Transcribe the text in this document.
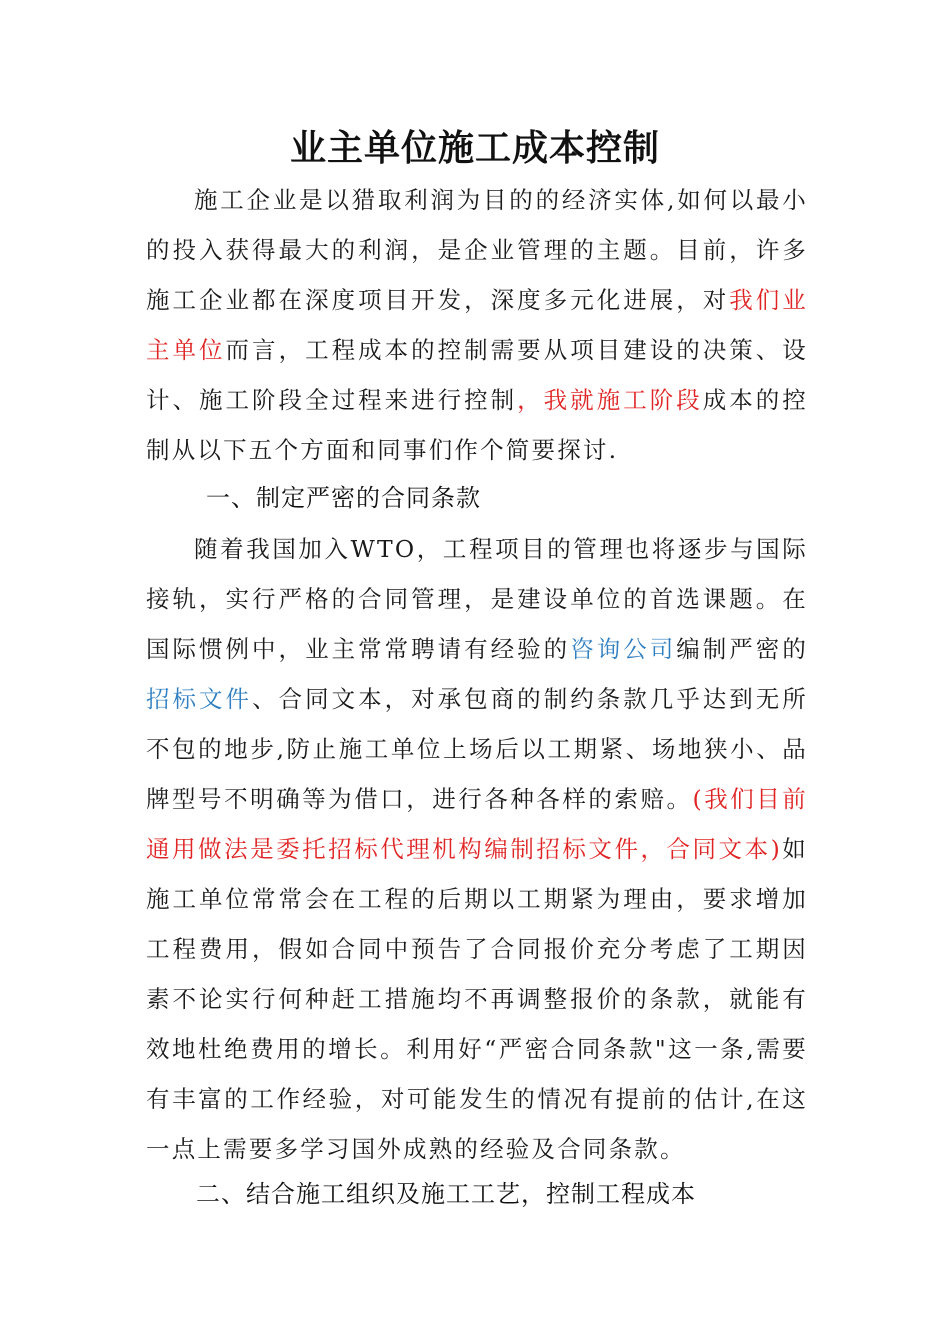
业主单位施工成本控制

施工企业是以猎取利润为目的的经济实体,如何以最小的投入获得最大的利润，是企业管理的主题。目前，许多施工企业都在深度项目开发，深度多元化进展，对我们业主单位而言，工程成本的控制需要从项目建设的决策、设计、施工阶段全过程来进行控制，我就施工阶段成本的控制从以下五个方面和同事们作个简要探讨.

一、制定严密的合同条款

随着我国加入WTO，工程项目的管理也将逐步与国际接轨，实行严格的合同管理，是建设单位的首选课题。在国际惯例中，业主常常聘请有经验的咨询公司编制严密的招标文件、合同文本，对承包商的制约条款几乎达到无所不包的地步,防止施工单位上场后以工期紧、场地狭小、品牌型号不明确等为借口，进行各种各样的索赔。(我们目前通用做法是委托招标代理机构编制招标文件，合同文本)如施工单位常常会在工程的后期以工期紧为理由，要求增加工程费用，假如合同中预告了合同报价充分考虑了工期因素不论实行何种赶工措施均不再调整报价的条款，就能有效地杜绝费用的增长。利用好“严密合同条款"这一条,需要有丰富的工作经验，对可能发生的情况有提前的估计,在这一点上需要多学习国外成熟的经验及合同条款。

二、结合施工组织及施工工艺，控制工程成本
